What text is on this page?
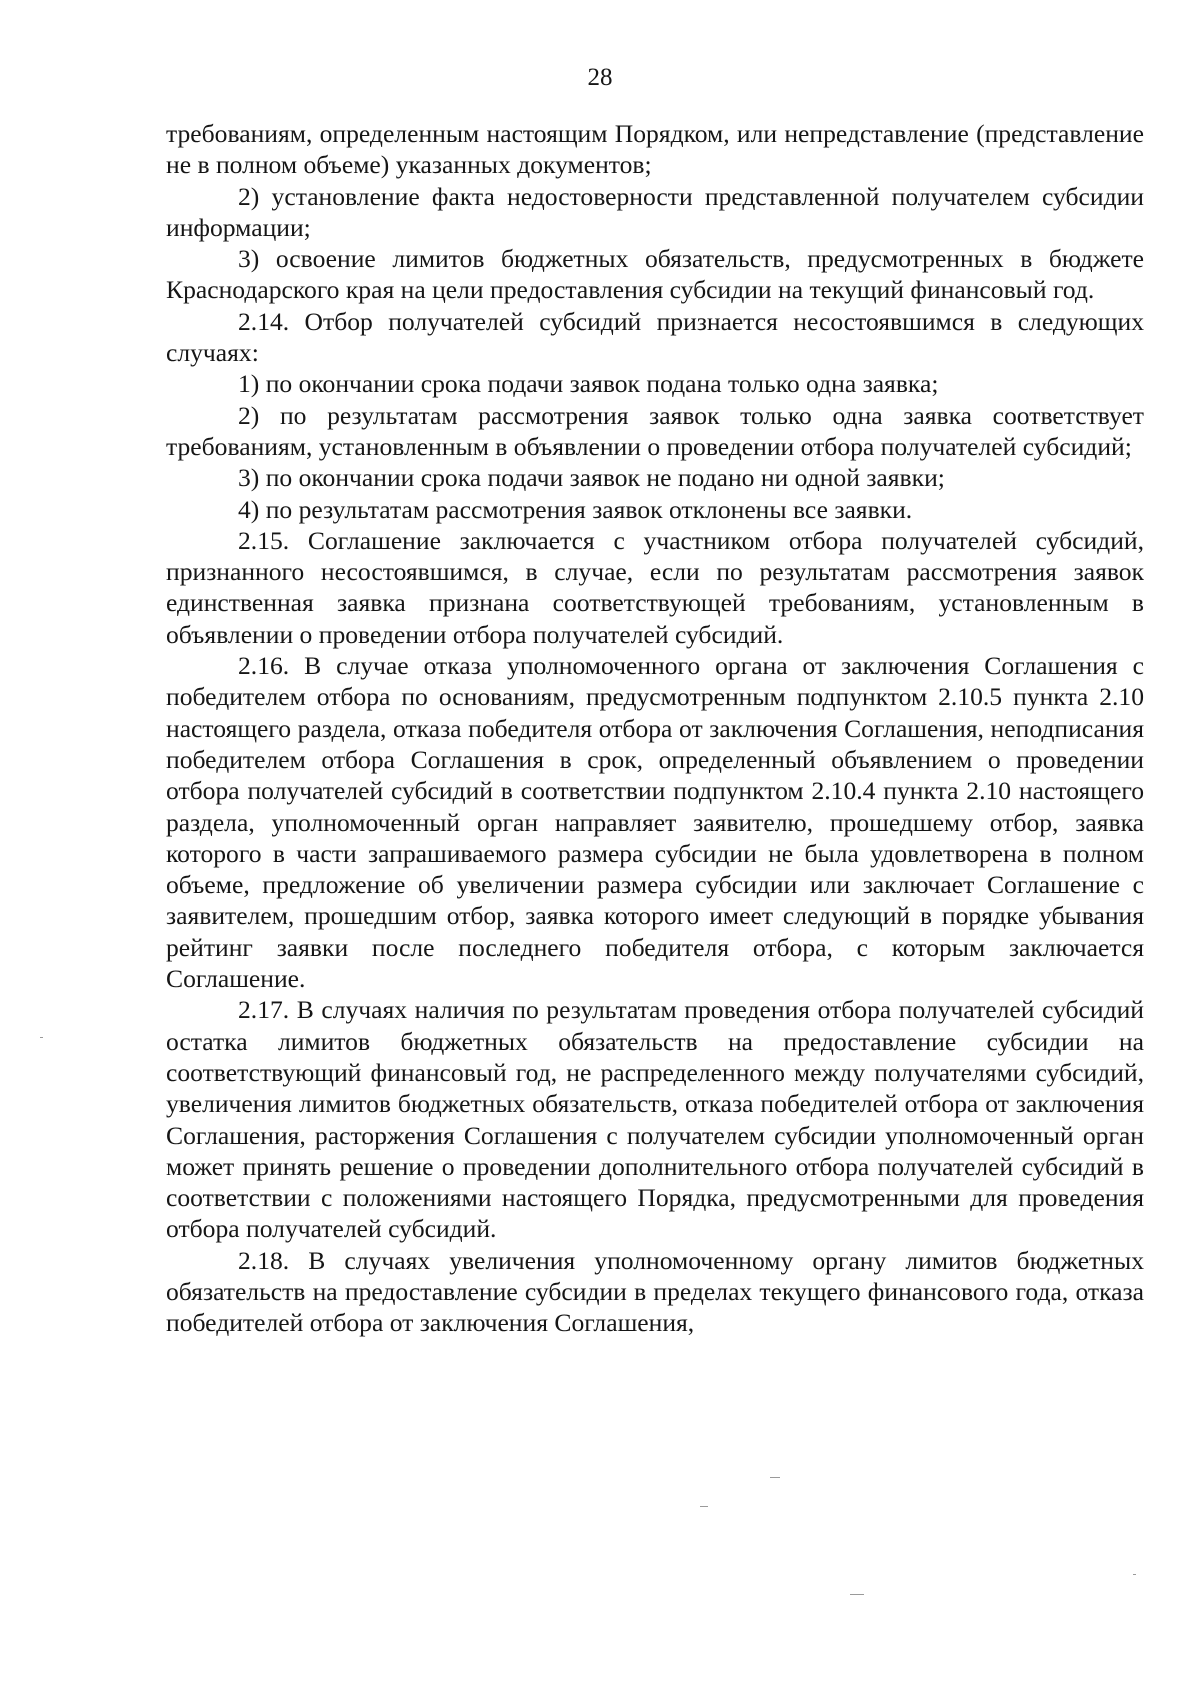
28

требованиям, определенным настоящим Порядком, или непредставление (представление не в полном объеме) указанных документов;

2) установление факта недостоверности представленной получателем субсидии информации;

3) освоение лимитов бюджетных обязательств, предусмотренных в бюджете Краснодарского края на цели предоставления субсидии на текущий финансовый год.

2.14. Отбор получателей субсидий признается несостоявшимся в следующих случаях:

1) по окончании срока подачи заявок подана только одна заявка;

2) по результатам рассмотрения заявок только одна заявка соответствует требованиям, установленным в объявлении о проведении отбора получателей субсидий;

3) по окончании срока подачи заявок не подано ни одной заявки;

4) по результатам рассмотрения заявок отклонены все заявки.

2.15. Соглашение заключается с участником отбора получателей субсидий, признанного несостоявшимся, в случае, если по результатам рассмотрения заявок единственная заявка признана соответствующей требованиям, установленным в объявлении о проведении отбора получателей субсидий.

2.16. В случае отказа уполномоченного органа от заключения Соглашения с победителем отбора по основаниям, предусмотренным подпунктом 2.10.5 пункта 2.10 настоящего раздела, отказа победителя отбора от заключения Соглашения, неподписания победителем отбора Соглашения в срок, определенный объявлением о проведении отбора получателей субсидий в соответствии подпунктом 2.10.4 пункта 2.10 настоящего раздела, уполномоченный орган направляет заявителю, прошедшему отбор, заявка которого в части запрашиваемого размера субсидии не была удовлетворена в полном объеме, предложение об увеличении размера субсидии или заключает Соглашение с заявителем, прошедшим отбор, заявка которого имеет следующий в порядке убывания рейтинг заявки после последнего победителя отбора, с которым заключается Соглашение.

2.17. В случаях наличия по результатам проведения отбора получателей субсидий остатка лимитов бюджетных обязательств на предоставление субсидии на соответствующий финансовый год, не распределенного между получателями субсидий, увеличения лимитов бюджетных обязательств, отказа победителей отбора от заключения Соглашения, расторжения Соглашения с получателем субсидии уполномоченный орган может принять решение о проведении дополнительного отбора получателей субсидий в соответствии с положениями настоящего Порядка, предусмотренными для проведения отбора получателей субсидий.

2.18. В случаях увеличения уполномоченному органу лимитов бюджетных обязательств на предоставление субсидии в пределах текущего финансового года, отказа победителей отбора от заключения Соглашения,
